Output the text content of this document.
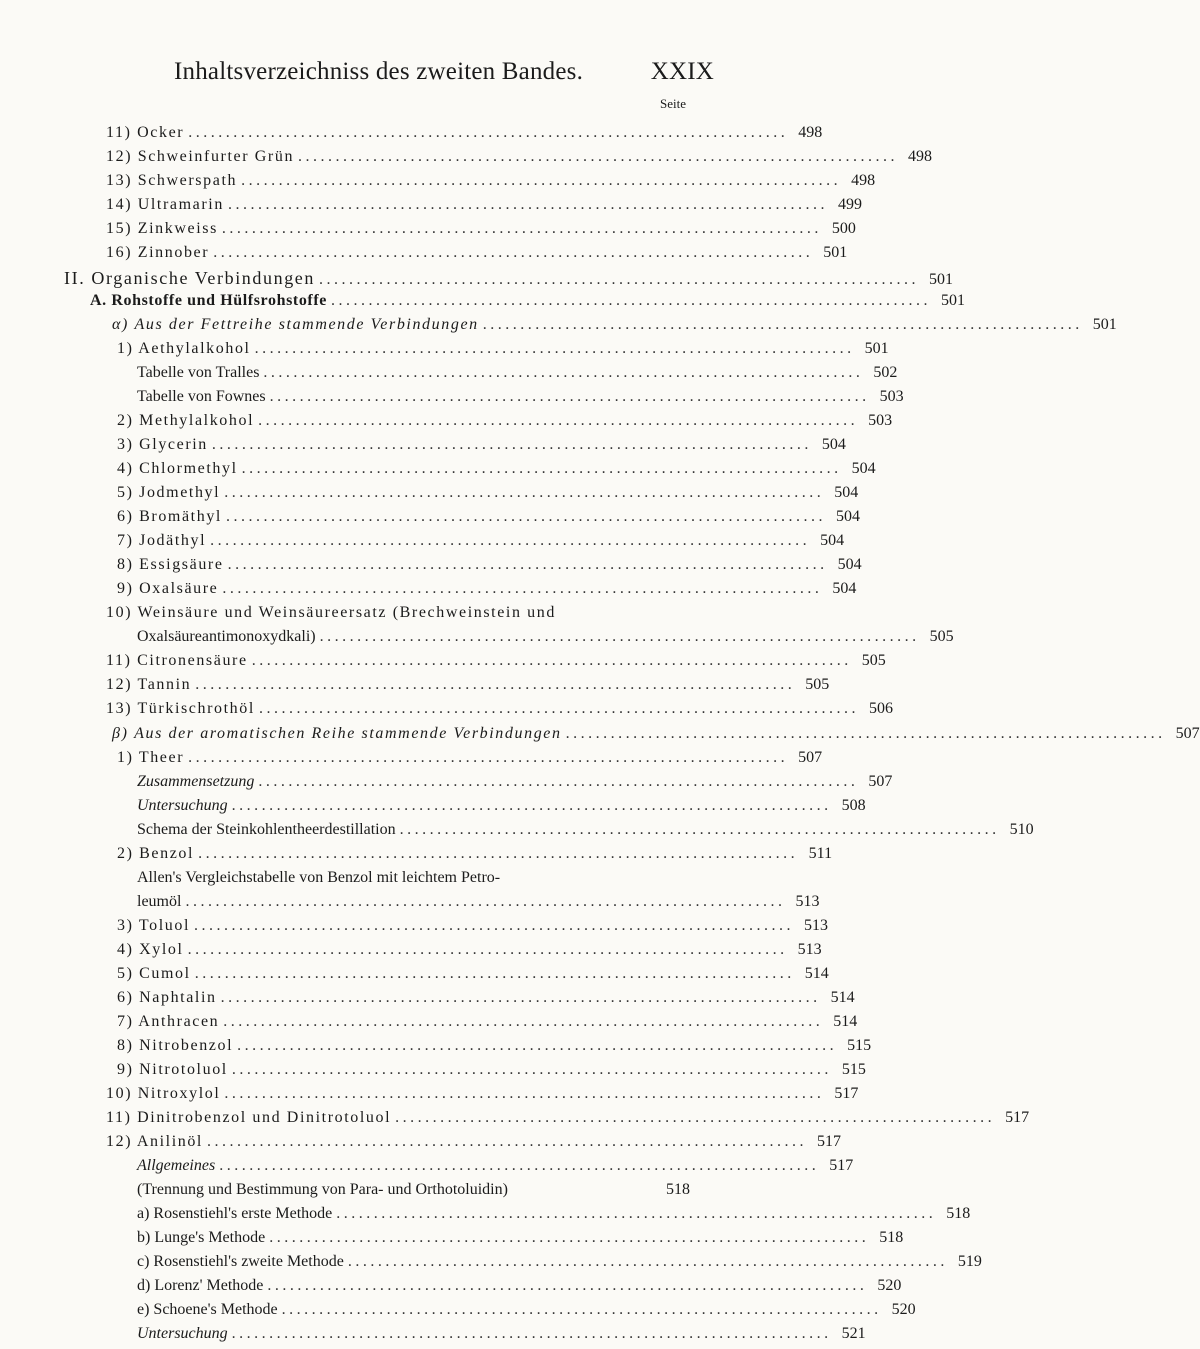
Inhaltsverzeichniss des zweiten Bandes.	XXIX
Seite
11) Ocker ................................................................................ 498
12) Schweinfurter Grün ................................................................................ 498
13) Schwerspath ................................................................................ 498
14) Ultramarin ................................................................................ 499
15) Zinkweiss ................................................................................ 500
16) Zinnober ................................................................................ 501
II. Organische Verbindungen ................................................................................ 501
A. Rohstoffe und Hülfsrohstoffe ................................................................................ 501
α) Aus der Fettreihe stammende Verbindungen ................................................................................ 501
1) Aethylalkohol ................................................................................ 501
Tabelle von Tralles ................................................................................ 502
Tabelle von Fownes ................................................................................ 503
2) Methylalkohol ................................................................................ 503
3) Glycerin ................................................................................ 504
4) Chlormethyl ................................................................................ 504
5) Jodmethyl ................................................................................ 504
6) Bromäthyl ................................................................................ 504
7) Jodäthyl ................................................................................ 504
8) Essigsäure ................................................................................ 504
9) Oxalsäure ................................................................................ 504
10) Weinsäure und Weinsäureersatz (Brechweinstein und
Oxalsäureantimonoxydkali) ................................................................................ 505
11) Citronensäure ................................................................................ 505
12) Tannin ................................................................................ 505
13) Türkischrothöl ................................................................................ 506
β) Aus der aromatischen Reihe stammende Verbindungen ................................................................................ 507
1) Theer ................................................................................ 507
Zusammensetzung ................................................................................ 507
Untersuchung ................................................................................ 508
Schema der Steinkohlentheerdestillation ................................................................................ 510
2) Benzol ................................................................................ 511
Allen's Vergleichstabelle von Benzol mit leichtem Petro-
leumöl ................................................................................ 513
3) Toluol ................................................................................ 513
4) Xylol ................................................................................ 513
5) Cumol ................................................................................ 514
6) Naphtalin ................................................................................ 514
7) Anthracen ................................................................................ 514
8) Nitrobenzol ................................................................................ 515
9) Nitrotoluol ................................................................................ 515
10) Nitroxylol ................................................................................ 517
11) Dinitrobenzol und Dinitrotoluol ................................................................................ 517
12) Anilinöl ................................................................................ 517
Allgemeines ................................................................................ 517
(Trennung und Bestimmung von Para- und Orthotoluidin)	518
a) Rosenstiehl's erste Methode ................................................................................ 518
b) Lunge's Methode ................................................................................ 518
c) Rosenstiehl's zweite Methode ................................................................................ 519
d) Lorenz' Methode ................................................................................ 520
e) Schoene's Methode ................................................................................ 520
Untersuchung ................................................................................ 521
